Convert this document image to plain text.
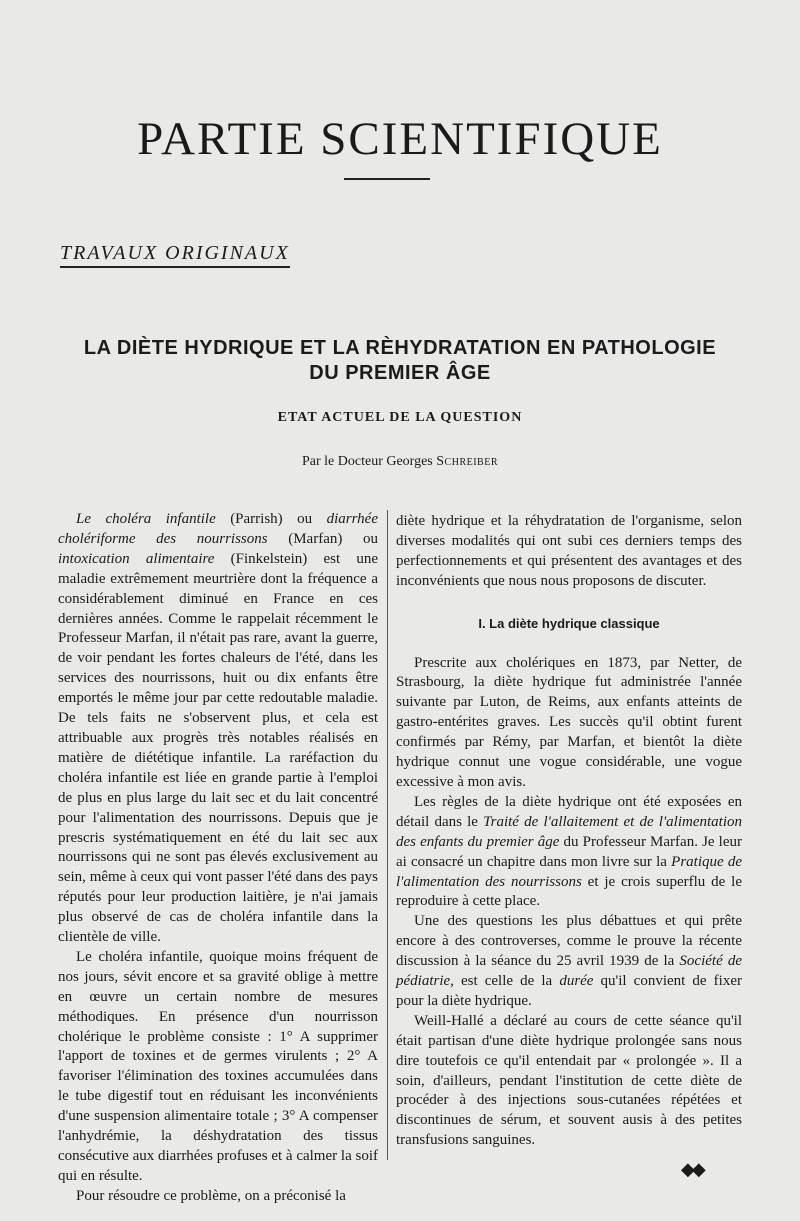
PARTIE SCIENTIFIQUE
TRAVAUX ORIGINAUX
LA DIÈTE HYDRIQUE ET LA RÈHYDRATATION EN PATHOLOGIE
DU PREMIER ÂGE
ETAT ACTUEL DE LA QUESTION
Par le Docteur Georges Schreiber

Le choléra infantile (Parrish) ou diarrhée cholériforme des nourrissons (Marfan) ou intoxication alimentaire (Finkelstein) est une maladie extrêmement meurtrière dont la fréquence a considérablement diminué en France en ces dernières années. Comme le rappelait récemment le Professeur Marfan, il n'était pas rare, avant la guerre, de voir pendant les fortes chaleurs de l'été, dans les services des nourrissons, huit ou dix enfants être emportés le même jour par cette redoutable maladie. De tels faits ne s'observent plus, et cela est attribuable aux progrès très notables réalisés en matière de diététique infantile. La raréfaction du choléra infantile est liée en grande partie à l'emploi de plus en plus large du lait sec et du lait concentré pour l'alimentation des nourrissons. Depuis que je prescris systématiquement en été du lait sec aux nourrissons qui ne sont pas élevés exclusivement au sein, même à ceux qui vont passer l'été dans des pays réputés pour leur production laitière, je n'ai jamais plus observé de cas de choléra infantile dans la clientèle de ville.

Le choléra infantile, quoique moins fréquent de nos jours, sévit encore et sa gravité oblige à mettre en œuvre un certain nombre de mesures méthodiques. En présence d'un nourrisson cholérique le problème consiste : 1° A supprimer l'apport de toxines et de germes virulents ; 2° A favoriser l'élimination des toxines accumulées dans le tube digestif tout en réduisant les inconvénients d'une suspension alimentaire totale ; 3° A compenser l'anhydrémie, la déshydratation des tissus consécutive aux diarrhées profuses et à calmer la soif qui en résulte.

Pour résoudre ce problème, on a préconisé la

diète hydrique et la réhydratation de l'organisme, selon diverses modalités qui ont subi ces derniers temps des perfectionnements et qui présentent des avantages et des inconvénients que nous nous proposons de discuter.

I. La diète hydrique classique

Prescrite aux cholériques en 1873, par Netter, de Strasbourg, la diète hydrique fut administrée l'année suivante par Luton, de Reims, aux enfants atteints de gastro-entérites graves. Les succès qu'il obtint furent confirmés par Rémy, par Marfan, et bientôt la diète hydrique connut une vogue considérable, une vogue excessive à mon avis.

Les règles de la diète hydrique ont été exposées en détail dans le Traité de l'allaitement et de l'alimentation des enfants du premier âge du Professeur Marfan. Je leur ai consacré un chapitre dans mon livre sur la Pratique de l'alimentation des nourrissons et je crois superflu de le reproduire à cette place.

Une des questions les plus débattues et qui prête encore à des controverses, comme le prouve la récente discussion à la séance du 25 avril 1939 de la Société de pédiatrie, est celle de la durée qu'il convient de fixer pour la diète hydrique.

Weill-Hallé a déclaré au cours de cette séance qu'il était partisan d'une diète hydrique prolongée sans nous dire toutefois ce qu'il entendait par « prolongée ». Il a soin, d'ailleurs, pendant l'institution de cette diète de procéder à des injections sous-cutanées répétées et discontinues de sérum, et souvent ausis à des petites transfusions sanguines.

◆◆
